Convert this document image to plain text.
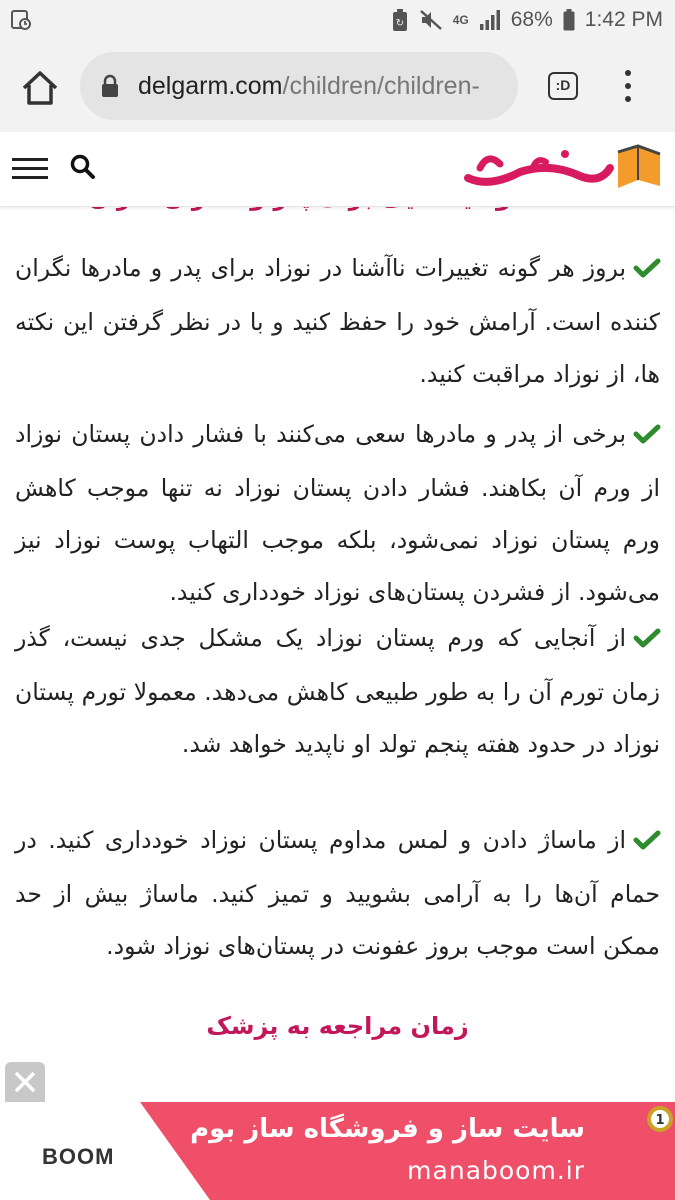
↻	4G 68% 1:42 PM
delgarm.com/children/children-	:D

بروز هر گونه تغییرات ناآشنا در نوزاد برای پدر و مادرها نگران کننده است. آرامش خود را حفظ کنید و با در نظر گرفتن این نکته ها، از نوزاد مراقبت کنید.

برخی از پدر و مادرها سعی می‌کنند با فشار دادن پستان نوزاد از ورم آن بکاهند. فشار دادن پستان نوزاد نه تنها موجب کاهش ورم پستان نوزاد نمی‌شود، بلکه موجب التهاب پوست نوزاد نیز می‌شود. از فشردن پستان‌های نوزاد خودداری کنید.

از آنجایی که ورم پستان نوزاد یک مشکل جدی نیست، گذر زمان تورم آن را به طور طبیعی کاهش می‌دهد. معمولا تورم پستان نوزاد در حدود هفته پنجم تولد او ناپدید خواهد شد.

از ماساژ دادن و لمس مداوم پستان نوزاد خودداری کنید. در حمام آن‌ها را به آرامی بشویید و تمیز کنید. ماساژ بیش از حد ممکن است موجب بروز عفونت در پستان‌های نوزاد شود.

زمان مراجعه به پزشک
BOOM
سایت ساز و فروشگاه ساز بوم
manaboom.ir
1
